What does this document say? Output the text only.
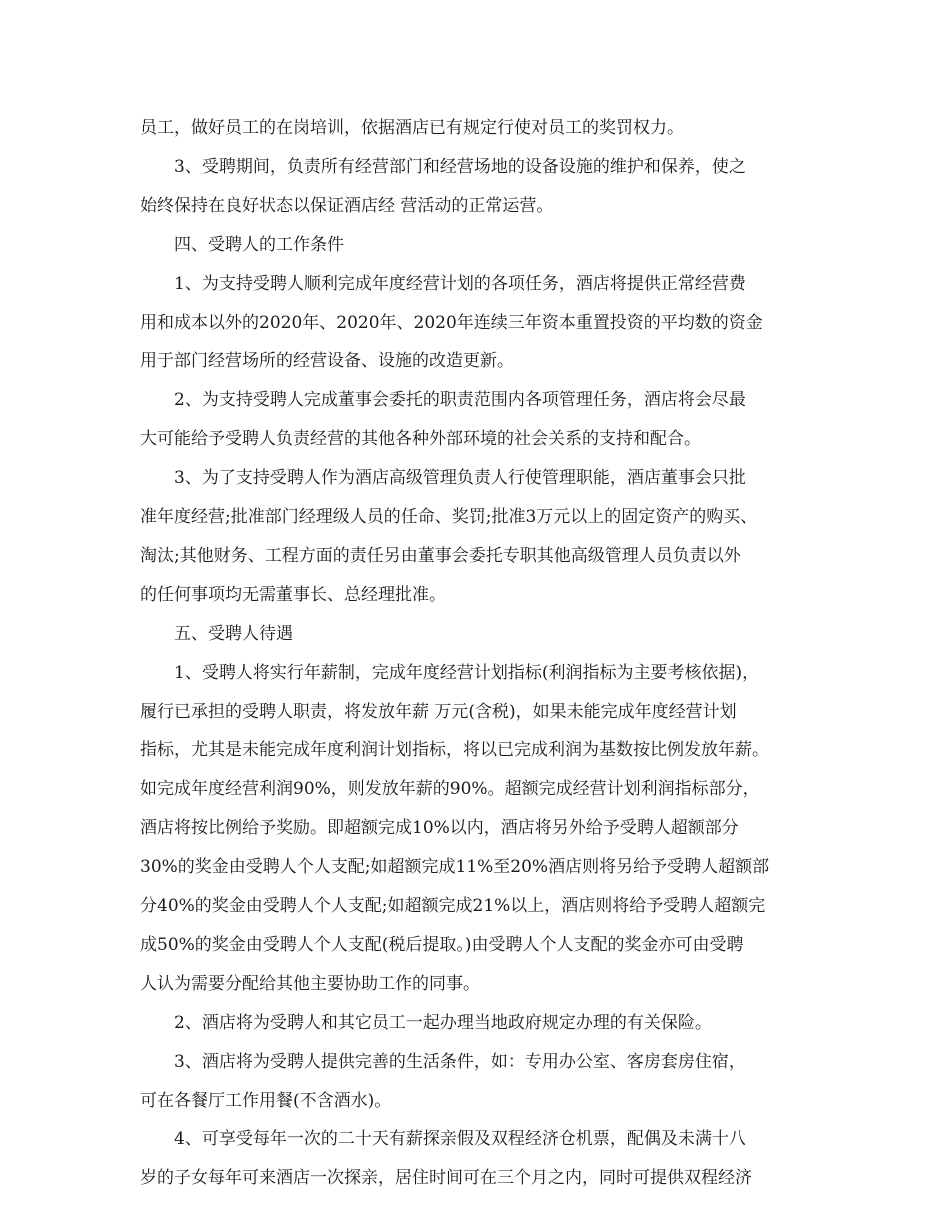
员工，做好员工的在岗培训，依据酒店已有规定行使对员工的奖罚权力。
3、受聘期间，负责所有经营部门和经营场地的设备设施的维护和保养，使之
始终保持在良好状态以保证酒店经 营活动的正常运营。
四、受聘人的工作条件
1、为支持受聘人顺利完成年度经营计划的各项任务，酒店将提供正常经营费
用和成本以外的2020年、2020年、2020年连续三年资本重置投资的平均数的资金
用于部门经营场所的经营设备、设施的改造更新。
2、为支持受聘人完成董事会委托的职责范围内各项管理任务，酒店将会尽最
大可能给予受聘人负责经营的其他各种外部环境的社会关系的支持和配合。
3、为了支持受聘人作为酒店高级管理负责人行使管理职能，酒店董事会只批
准年度经营;批准部门经理级人员的任命、奖罚;批准3万元以上的固定资产的购买、
淘汰;其他财务、工程方面的责任另由董事会委托专职其他高级管理人员负责以外
的任何事项均无需董事长、总经理批准。
五、受聘人待遇
1、受聘人将实行年薪制，完成年度经营计划指标(利润指标为主要考核依据)，
履行已承担的受聘人职责，将发放年薪 万元(含税)，如果未能完成年度经营计划
指标，尤其是未能完成年度利润计划指标，将以已完成利润为基数按比例发放年薪。
如完成年度经营利润90%，则发放年薪的90%。超额完成经营计划利润指标部分，
酒店将按比例给予奖励。即超额完成10%以内，酒店将另外给予受聘人超额部分
30%的奖金由受聘人个人支配;如超额完成11%至20%酒店则将另给予受聘人超额部
分40%的奖金由受聘人个人支配;如超额完成21%以上，酒店则将给予受聘人超额完
成50%的奖金由受聘人个人支配(税后提取。)由受聘人个人支配的奖金亦可由受聘
人认为需要分配给其他主要协助工作的同事。
2、酒店将为受聘人和其它员工一起办理当地政府规定办理的有关保险。
3、酒店将为受聘人提供完善的生活条件，如：专用办公室、客房套房住宿，
可在各餐厅工作用餐(不含酒水)。
4、可享受每年一次的二十天有薪探亲假及双程经济仓机票，配偶及未满十八
岁的子女每年可来酒店一次探亲，居住时间可在三个月之内，同时可提供双程经济
